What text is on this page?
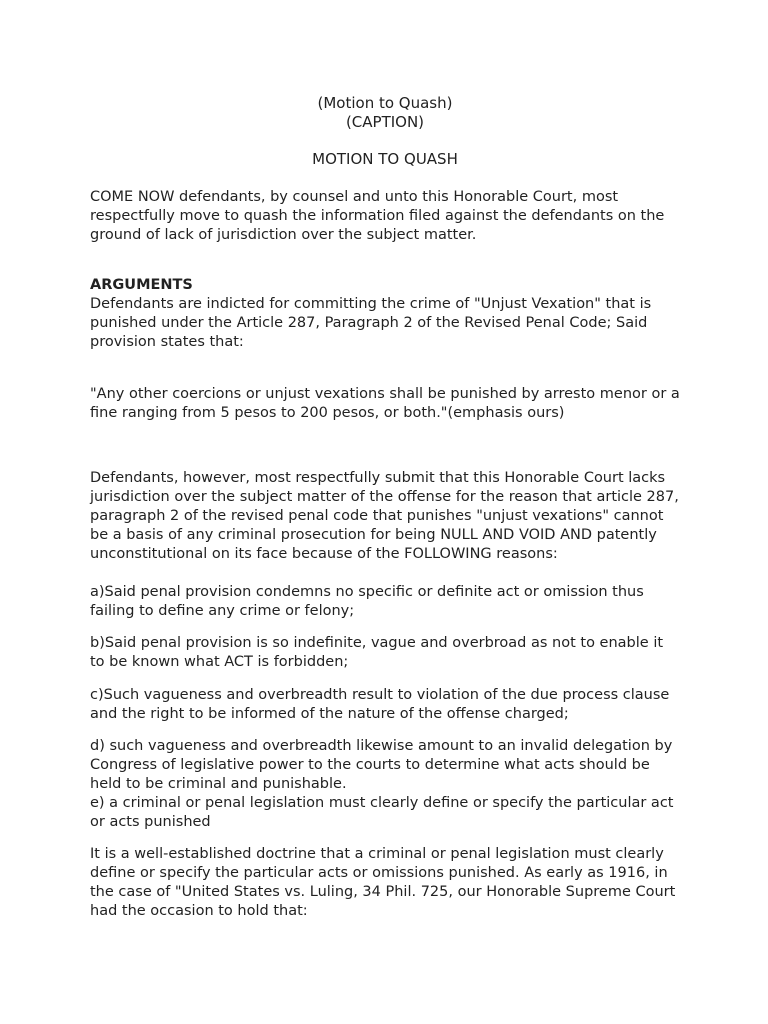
(Motion to Quash)
(CAPTION)
MOTION TO QUASH

COME NOW defendants, by counsel and unto this Honorable Court, most respectfully move to quash the information filed against the defendants on the ground of lack of jurisdiction over the subject matter.

ARGUMENTS

Defendants are indicted for committing the crime of "Unjust Vexation" that is punished under the Article 287, Paragraph 2 of the Revised Penal Code; Said provision states that:

"Any other coercions or unjust vexations shall be punished by arresto menor or a fine ranging from 5 pesos to 200 pesos, or both."(emphasis ours)

Defendants, however, most respectfully submit that this Honorable Court lacks jurisdiction over the subject matter of the offense for the reason that article 287, paragraph 2 of the revised penal code that punishes "unjust vexations" cannot be a basis of any criminal prosecution for being NULL AND VOID AND patently unconstitutional on its face because of the FOLLOWING reasons:

a)Said penal provision condemns no specific or definite act or omission thus failing to define any crime or felony;

b)Said penal provision is so indefinite, vague and overbroad as not to enable it to be known what ACT is forbidden;

c)Such vagueness and overbreadth result to violation of the due process clause and the right to be informed of the nature of the offense charged;

d) such vagueness and overbreadth likewise amount to an invalid delegation by Congress of legislative power to the courts to determine what acts should be held to be criminal and punishable.

e) a criminal or penal legislation must clearly define or specify the particular act or acts punished

It is a well-established doctrine that a criminal or penal legislation must clearly define or specify the particular acts or omissions punished. As early as 1916, in the case of "United States vs. Luling, 34 Phil. 725, our Honorable Supreme Court had the occasion to hold that:
